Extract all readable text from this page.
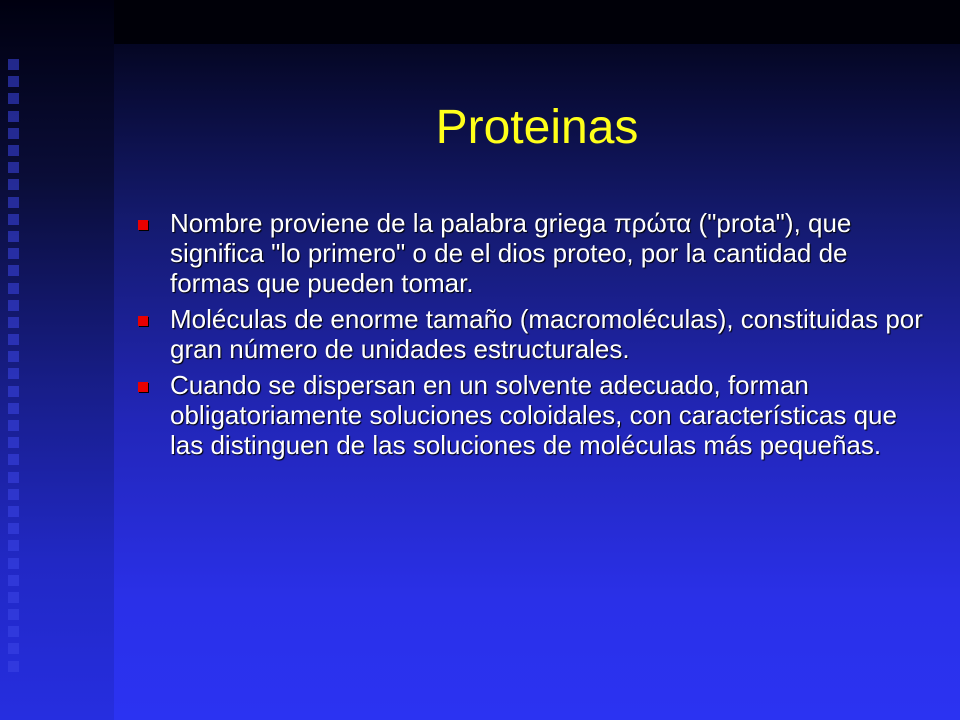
Proteinas
Nombre proviene de la palabra griega πρώτα ("prota"), que significa "lo primero" o de el dios proteo, por la cantidad de formas que pueden tomar.
Moléculas de enorme tamaño (macromoléculas), constituidas por gran número de unidades estructurales.
Cuando se dispersan en un solvente adecuado, forman obligatoriamente soluciones coloidales, con características que las distinguen de las soluciones de moléculas más pequeñas.
